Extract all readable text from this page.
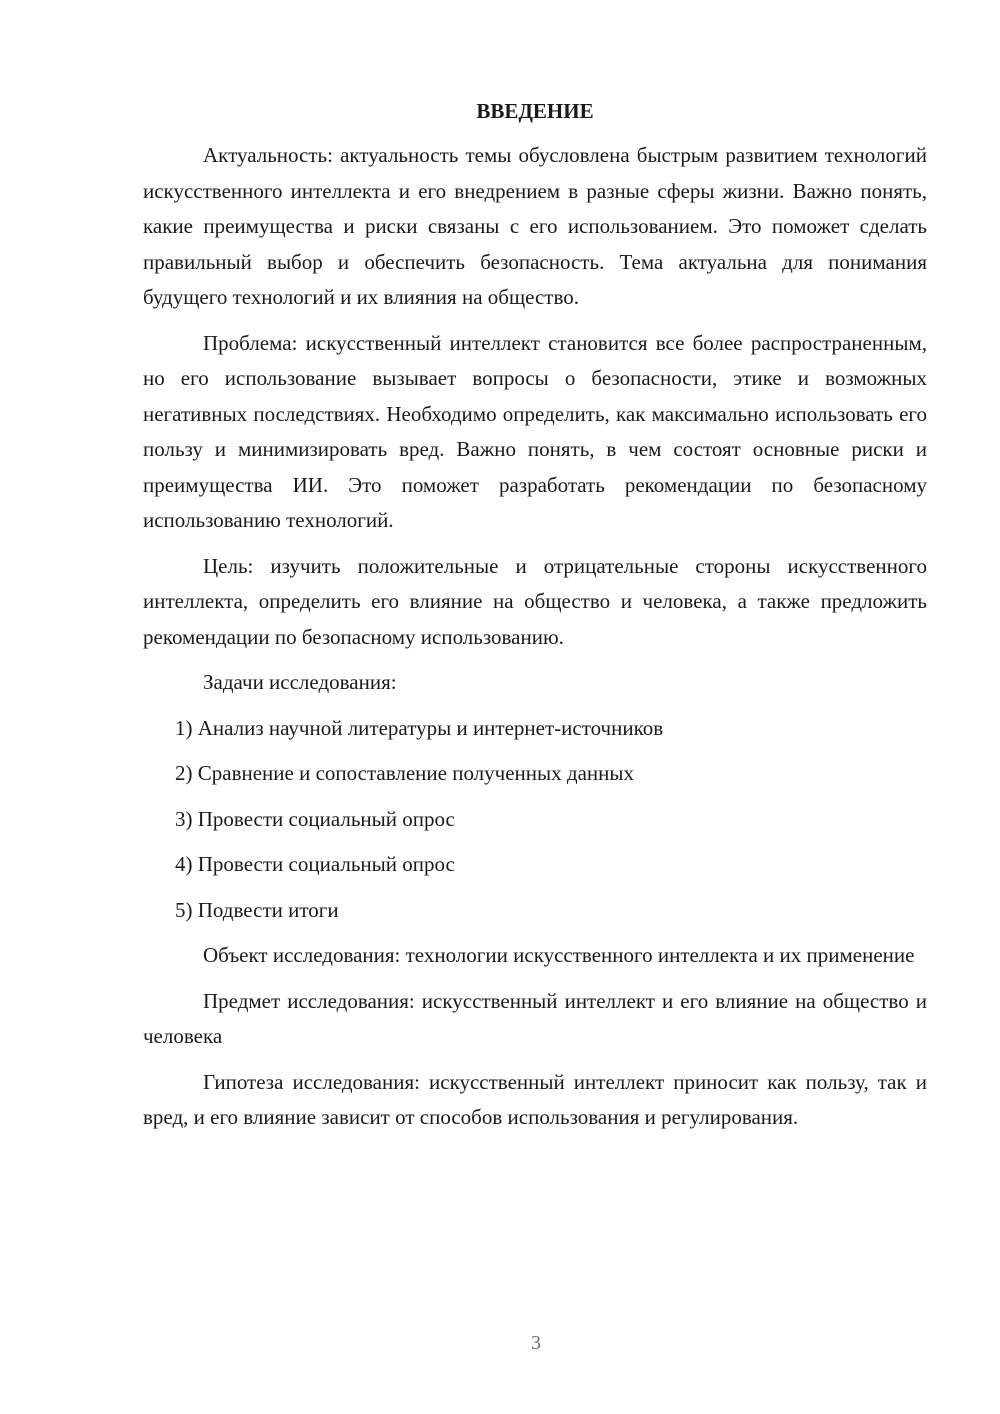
ВВЕДЕНИЕ

Актуальность: актуальность темы обусловлена быстрым развитием технологий искусственного интеллекта и его внедрением в разные сферы жизни. Важно понять, какие преимущества и риски связаны с его использованием. Это поможет сделать правильный выбор и обеспечить безопасность. Тема актуальна для понимания будущего технологий и их влияния на общество.

Проблема: искусственный интеллект становится все более распространенным, но его использование вызывает вопросы о безопасности, этике и возможных негативных последствиях. Необходимо определить, как максимально использовать его пользу и минимизировать вред. Важно понять, в чем состоят основные риски и преимущества ИИ. Это поможет разработать рекомендации по безопасному использованию технологий.

Цель: изучить положительные и отрицательные стороны искусственного интеллекта, определить его влияние на общество и человека, а также предложить рекомендации по безопасному использованию.

Задачи исследования:

1) Анализ научной литературы и интернет-источников

2) Сравнение и сопоставление полученных данных

3) Провести социальный опрос

4) Провести социальный опрос

5) Подвести итоги

Объект исследования: технологии искусственного интеллекта и их применение

Предмет исследования: искусственный интеллект и его влияние на общество и человека

Гипотеза исследования: искусственный интеллект приносит как пользу, так и вред, и его влияние зависит от способов использования и регулирования.

3
